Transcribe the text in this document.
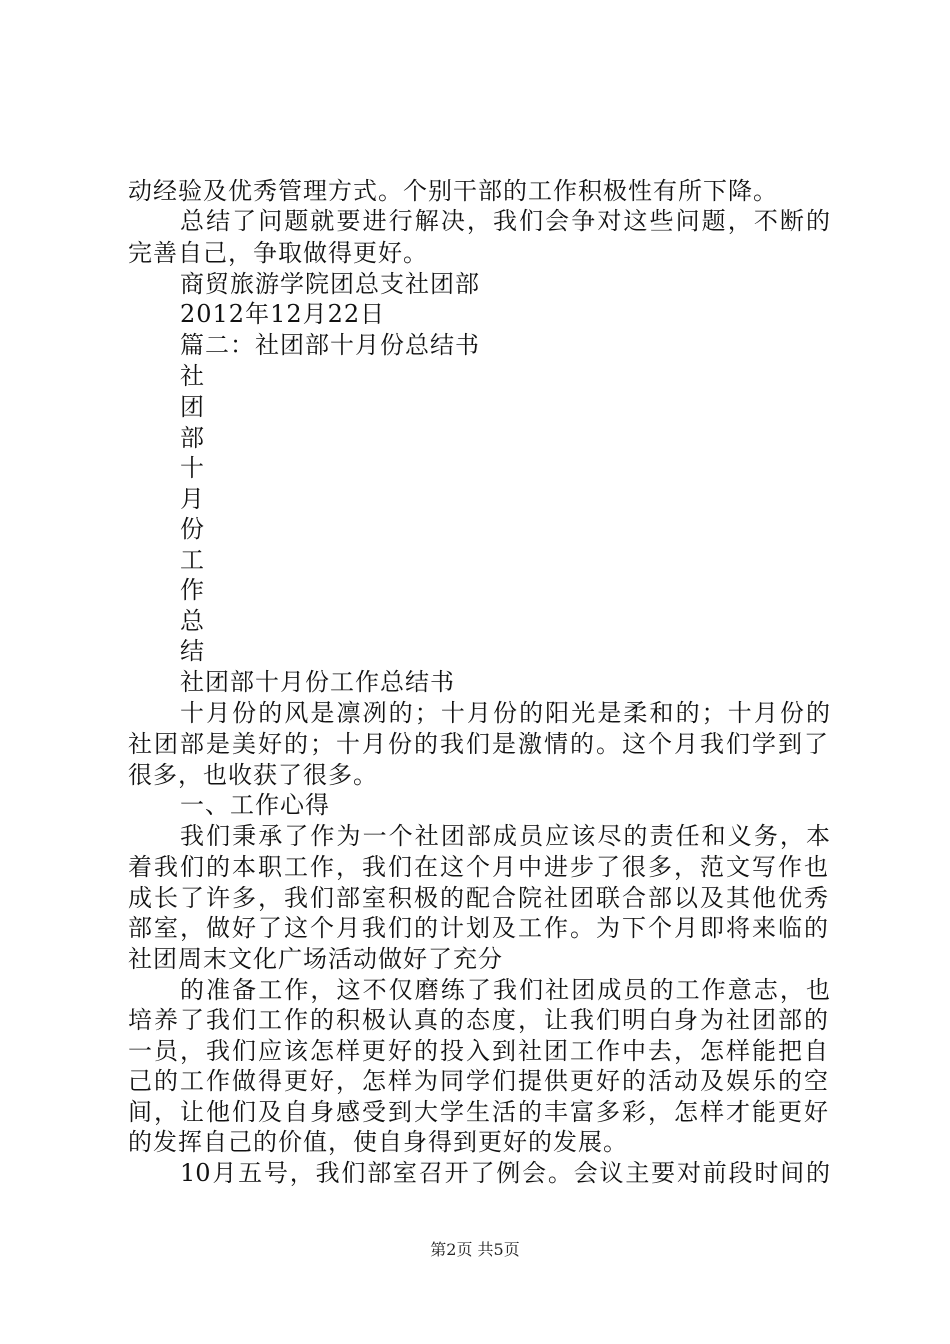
动经验及优秀管理方式。个别干部的工作积极性有所下降。
总结了问题就要进行解决，我们会争对这些问题，不断的
完善自己，争取做得更好。
商贸旅游学院团总支社团部
2012年12月22日
篇二：社团部十月份总结书
社
团
部
十
月
份
工
作
总
结
社团部十月份工作总结书
十月份的风是凛冽的；十月份的阳光是柔和的；十月份的
社团部是美好的；十月份的我们是激情的。这个月我们学到了
很多，也收获了很多。
一、工作心得
我们秉承了作为一个社团部成员应该尽的责任和义务，本
着我们的本职工作，我们在这个月中进步了很多，范文写作也
成长了许多，我们部室积极的配合院社团联合部以及其他优秀
部室，做好了这个月我们的计划及工作。为下个月即将来临的
社团周末文化广场活动做好了充分
的准备工作，这不仅磨练了我们社团成员的工作意志，也
培养了我们工作的积极认真的态度，让我们明白身为社团部的
一员，我们应该怎样更好的投入到社团工作中去，怎样能把自
己的工作做得更好，怎样为同学们提供更好的活动及娱乐的空
间，让他们及自身感受到大学生活的丰富多彩，怎样才能更好
的发挥自己的价值，使自身得到更好的发展。
10月五号，我们部室召开了例会。会议主要对前段时间的
第2页 共5页
